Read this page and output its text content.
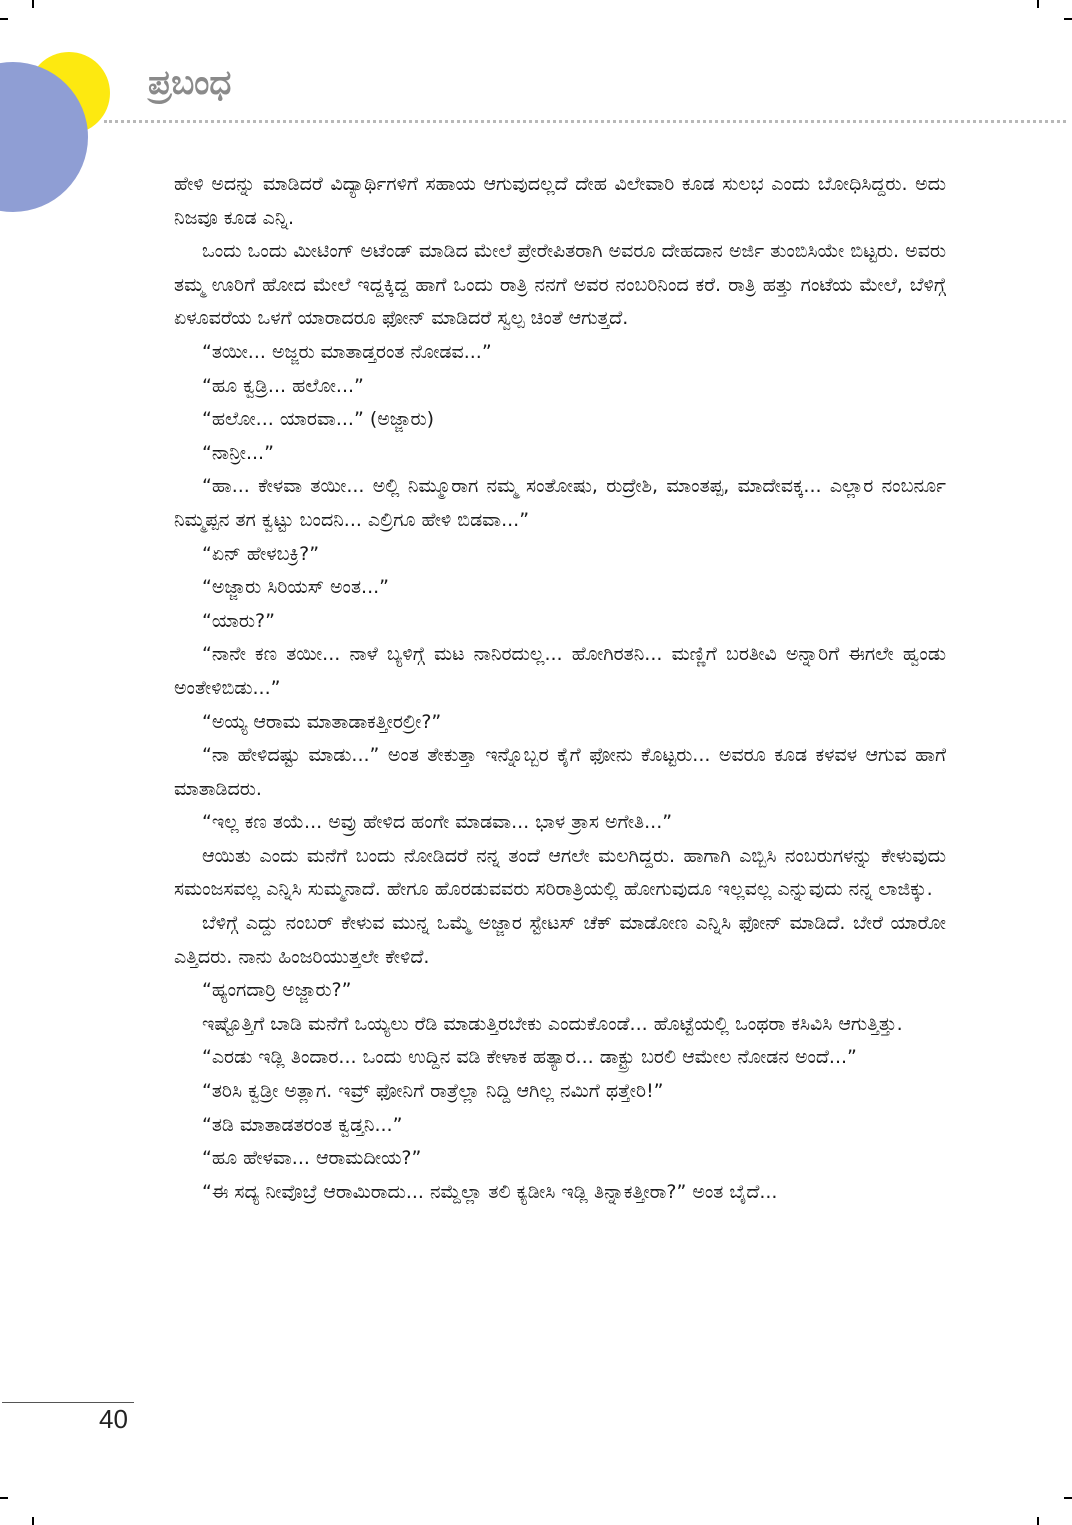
ಪ್ರಬಂಧ

ಹೇಳಿ ಅದನ್ನು ಮಾಡಿದರೆ ವಿದ್ಯಾರ್ಥಿಗಳಿಗೆ ಸಹಾಯ ಆಗುವುದಲ್ಲದೆ ದೇಹ ವಿಲೇವಾರಿ ಕೂಡ ಸುಲಭ ಎಂದು ಬೋಧಿಸಿದ್ದರು. ಅದು ನಿಜವೂ ಕೂಡ ಎನ್ನಿ.

ಒಂದು ಒಂದು ಮೀಟಿಂಗ್ ಅಟೆಂಡ್ ಮಾಡಿದ ಮೇಲೆ ಪ್ರೇರೇಪಿತರಾಗಿ ಅವರೂ ದೇಹದಾನ ಅರ್ಜಿ ತುಂಬಿಸಿಯೇ ಬಿಟ್ಟರು. ಅವರು ತಮ್ಮ ಊರಿಗೆ ಹೋದ ಮೇಲೆ ಇದ್ದಕ್ಕಿದ್ದ ಹಾಗೆ ಒಂದು ರಾತ್ರಿ ನನಗೆ ಅವರ ನಂಬರಿನಿಂದ ಕರೆ. ರಾತ್ರಿ ಹತ್ತು ಗಂಟೆಯ ಮೇಲೆ, ಬೆಳಿಗ್ಗೆ ಏಳೂವರೆಯ ಒಳಗೆ ಯಾರಾದರೂ ಫೋನ್ ಮಾಡಿದರೆ ಸ್ವಲ್ಪ ಚಿಂತೆ ಆಗುತ್ತದೆ.

“ತಯೀ... ಅಜ್ಜರು ಮಾತಾಡ್ತರಂತ ನೋಡವ...”

“ಹೂ ಕ್ವಡ್ರಿ... ಹಲೋ...”

“ಹಲೋ... ಯಾರವಾ...” (ಅಜ್ಜಾರು)

“ನಾನ್ರೀ...”

“ಹಾ... ಕೇಳವಾ ತಯೀ... ಅಲ್ಲಿ ನಿಮ್ಮೂರಾಗ ನಮ್ಮ ಸಂತೋಷು, ರುದ್ರೇಶಿ, ಮಾಂತಪ್ಪ, ಮಾದೇವಕ್ಕ... ಎಲ್ಲಾರ ನಂಬರ್ನೂ ನಿಮ್ಮಪ್ಪನ ತಗ ಕ್ವಟ್ಟು ಬಂದನಿ... ಎಲ್ರಿಗೂ ಹೇಳಿ ಬಿಡವಾ...”

“ಏನ್ ಹೇಳಬಕ್ರಿ?”

“ಅಜ್ಜಾರು ಸಿರಿಯಸ್ ಅಂತ...”

“ಯಾರು?”

“ನಾನೇ ಕಣ ತಯೀ... ನಾಳೆ ಬ್ಯಳಿಗ್ಗೆ ಮಟ ನಾನಿರದುಲ್ಲ... ಹೋಗಿರತನಿ... ಮಣ್ಣಿಗೆ ಬರತೀವಿ ಅನ್ನಾರಿಗೆ ಈಗಲೇ ಹ್ವಂಡು ಅಂತೇಳಿಬಿಡು...”

“ಅಯ್ಯ ಆರಾಮ ಮಾತಾಡಾಕತ್ತೀರಲ್ರೀ?”

“ನಾ ಹೇಳಿದಷ್ಟು ಮಾಡು...” ಅಂತ ತೇಕುತ್ತಾ ಇನ್ನೊಬ್ಬರ ಕೈಗೆ ಫೋನು ಕೊಟ್ಟರು... ಅವರೂ ಕೂಡ ಕಳವಳ ಆಗುವ ಹಾಗೆ ಮಾತಾಡಿದರು.

“ಇಲ್ಲ ಕಣ ತಯೆ... ಅವ್ರು ಹೇಳಿದ ಹಂಗೇ ಮಾಡವಾ... ಭಾಳ ತ್ರಾಸ ಅಗೇತಿ...”

ಆಯಿತು ಎಂದು ಮನೆಗೆ ಬಂದು ನೋಡಿದರೆ ನನ್ನ ತಂದೆ ಆಗಲೇ ಮಲಗಿದ್ದರು. ಹಾಗಾಗಿ ಎಬ್ಬಿಸಿ ನಂಬರುಗಳನ್ನು ಕೇಳುವುದು ಸಮಂಜಸವಲ್ಲ ಎನ್ನಿಸಿ ಸುಮ್ಮನಾದೆ. ಹೇಗೂ ಹೊರಡುವವರು ಸರಿರಾತ್ರಿಯಲ್ಲಿ ಹೋಗುವುದೂ ಇಲ್ಲವಲ್ಲ ಎನ್ನುವುದು ನನ್ನ ಲಾಜಿಕ್ಕು.

ಬೆಳಿಗ್ಗೆ ಎದ್ದು ನಂಬರ್ ಕೇಳುವ ಮುನ್ನ ಒಮ್ಮೆ ಅಜ್ಜಾರ ಸ್ಟೇಟಸ್ ಚೆಕ್ ಮಾಡೋಣ ಎನ್ನಿಸಿ ಫೋನ್ ಮಾಡಿದೆ. ಬೇರೆ ಯಾರೋ ಎತ್ತಿದರು. ನಾನು ಹಿಂಜರಿಯುತ್ತಲೇ ಕೇಳಿದೆ.

“ಹ್ಯಂಗದಾರ್ರಿ ಅಜ್ಜಾರು?”

ಇಷ್ಟೊತ್ತಿಗೆ ಬಾಡಿ ಮನೆಗೆ ಒಯ್ಯಲು ರೆಡಿ ಮಾಡುತ್ತಿರಬೇಕು ಎಂದುಕೊಂಡೆ... ಹೊಟ್ಟೆಯಲ್ಲಿ ಒಂಥರಾ ಕಸಿವಿಸಿ ಆಗುತ್ತಿತ್ತು.

“ಎರಡು ಇಡ್ಲಿ ತಿಂದಾರ... ಒಂದು ಉದ್ದಿನ ವಡಿ ಕೇಳಾಕ ಹತ್ಯಾರ... ಡಾಕ್ಟ್ರು ಬರಲಿ ಆಮೇಲ ನೋಡನ ಅಂದೆ...”

“ತರಿಸಿ ಕ್ವಡ್ರೀ ಅತ್ಲಾಗ. ಇವ್ರ್ ಫೋನಿಗೆ ರಾತ್ರೆಲ್ಲಾ ನಿದ್ದಿ ಆಗಿಲ್ಲ ನಮಿಗೆ ಥತ್ತೇರಿ!”

“ತಡಿ ಮಾತಾಡತರಂತ ಕ್ವಡ್ತನಿ...”

“ಹೂ ಹೇಳವಾ... ಆರಾಮದೀಯ?”

“ಈ ಸದ್ಯ ನೀವೊಬ್ರೆ ಆರಾಮಿರಾದು... ನಮ್ದೆಲ್ಲಾ ತಲಿ ಕ್ಯಡೀಸಿ ಇಡ್ಲಿ ತಿನ್ನಾಕತ್ತೀರಾ?” ಅಂತ ಬೈದೆ...

40
